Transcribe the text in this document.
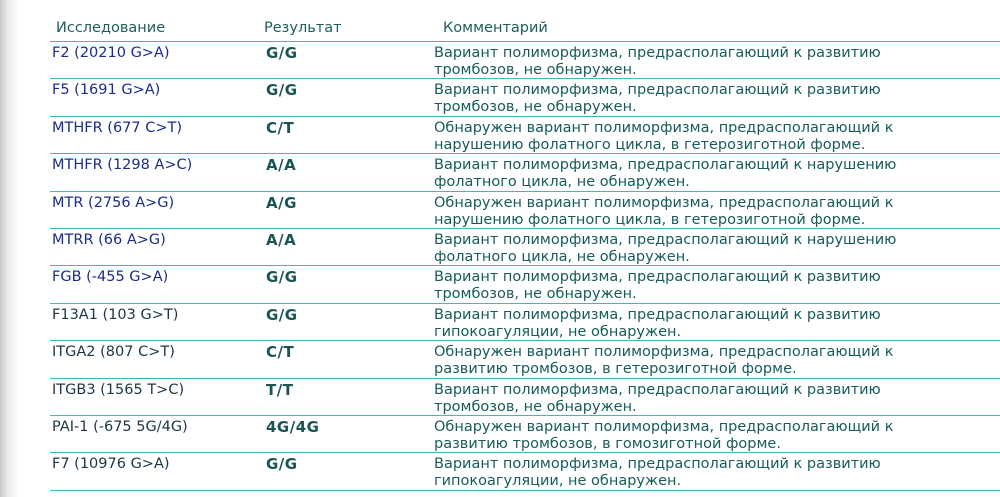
Исследование	Результат	Комментарий
F2 (20210 G>A)	G/G	Вариант полиморфизма, предрасполагающий к развитию
тромбозов, не обнаружен.
F5 (1691 G>A)	G/G	Вариант полиморфизма, предрасполагающий к развитию
тромбозов, не обнаружен.
MTHFR (677 C>T)	C/T	Обнаружен вариант полиморфизма, предрасполагающий к
нарушению фолатного цикла, в гетерозиготной форме.
MTHFR (1298 A>C)	A/A	Вариант полиморфизма, предрасполагающий к нарушению
фолатного цикла, не обнаружен.
MTR (2756 A>G)	A/G	Обнаружен вариант полиморфизма, предрасполагающий к
нарушению фолатного цикла, в гетерозиготной форме.
MTRR (66 A>G)	A/A	Вариант полиморфизма, предрасполагающий к нарушению
фолатного цикла, не обнаружен.
FGB (-455 G>A)	G/G	Вариант полиморфизма, предрасполагающий к развитию
тромбозов, не обнаружен.
F13A1 (103 G>T)	G/G	Вариант полиморфизма, предрасполагающий к развитию
гипокоагуляции, не обнаружен.
ITGA2 (807 C>T)	C/T	Обнаружен вариант полиморфизма, предрасполагающий к
развитию тромбозов, в гетерозиготной форме.
ITGB3 (1565 T>C)	T/T	Вариант полиморфизма, предрасполагающий к развитию
тромбозов, не обнаружен.
PAI-1 (-675 5G/4G)	4G/4G	Обнаружен вариант полиморфизма, предрасполагающий к
развитию тромбозов, в гомозиготной форме.
F7 (10976 G>A)	G/G	Вариант полиморфизма, предрасполагающий к развитию
гипокоагуляции, не обнаружен.
